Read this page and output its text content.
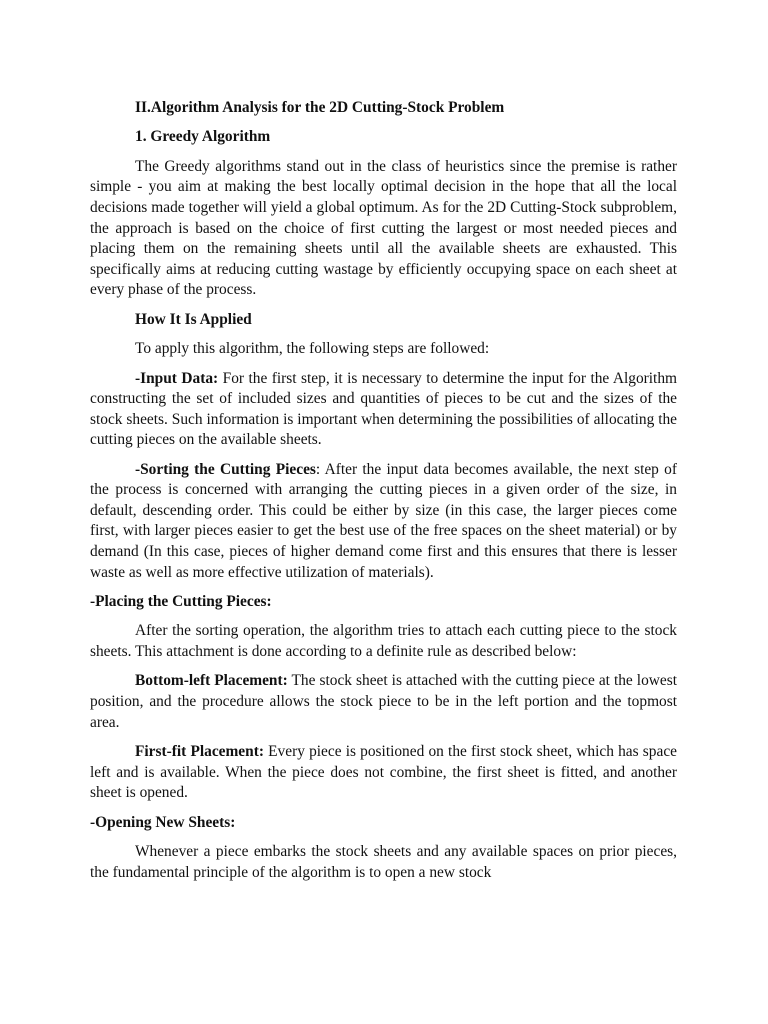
II.Algorithm Analysis for the 2D Cutting-Stock Problem

1. Greedy Algorithm

The Greedy algorithms stand out in the class of heuristics since the premise is rather simple - you aim at making the best locally optimal decision in the hope that all the local decisions made together will yield a global optimum. As for the 2D Cutting-Stock subproblem, the approach is based on the choice of first cutting the largest or most needed pieces and placing them on the remaining sheets until all the available sheets are exhausted. This specifically aims at reducing cutting wastage by efficiently occupying space on each sheet at every phase of the process.

How It Is Applied

To apply this algorithm, the following steps are followed:

-Input Data: For the first step, it is necessary to determine the input for the Algorithm constructing the set of included sizes and quantities of pieces to be cut and the sizes of the stock sheets. Such information is important when determining the possibilities of allocating the cutting pieces on the available sheets.

-Sorting the Cutting Pieces: After the input data becomes available, the next step of the process is concerned with arranging the cutting pieces in a given order of the size, in default, descending order. This could be either by size (in this case, the larger pieces come first, with larger pieces easier to get the best use of the free spaces on the sheet material) or by demand (In this case, pieces of higher demand come first and this ensures that there is lesser waste as well as more effective utilization of materials).

-Placing the Cutting Pieces:

After the sorting operation, the algorithm tries to attach each cutting piece to the stock sheets. This attachment is done according to a definite rule as described below:

Bottom-left Placement: The stock sheet is attached with the cutting piece at the lowest position, and the procedure allows the stock piece to be in the left portion and the topmost area.

First-fit Placement: Every piece is positioned on the first stock sheet, which has space left and is available. When the piece does not combine, the first sheet is fitted, and another sheet is opened.

-Opening New Sheets:

Whenever a piece embarks the stock sheets and any available spaces on prior pieces, the fundamental principle of the algorithm is to open a new stock
